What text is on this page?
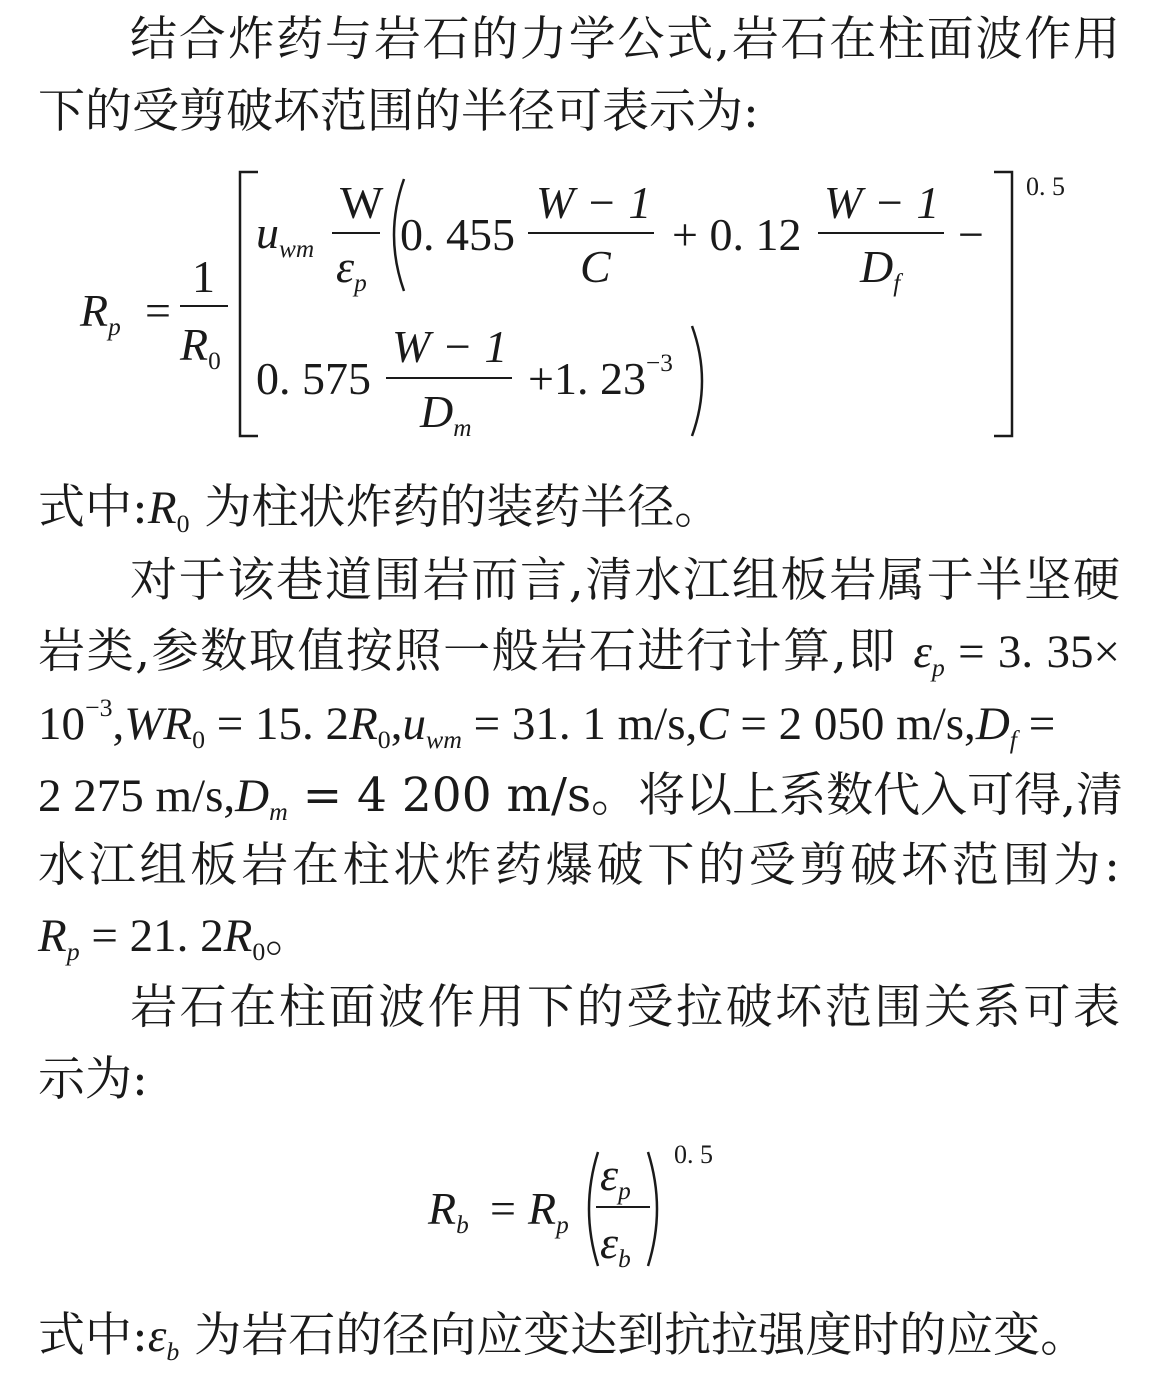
结合炸药与岩石的力学公式,岩石在柱面波作用
下的受剪破坏范围的半径可表示为:
$R_p$ =
1
$R_0$
0. 5
$u_{wm}$
W
$\varepsilon_p$
0. 455
W − 1
C
+ 0. 12
W − 1
$D_f$
−
0. 575
W − 1
$D_m$
+1. $23^{-3}$
式中$:R_0$ 为柱状炸药的装药半径。
对于该巷道围岩而言,清水江组板岩属于半坚硬
岩类,参数取值按照一般岩石进行计算,即 $\varepsilon_p = 3$. 35×
$10^{-3},WR_0 = 15$. $2R_0,u_{wm} = 31$. 1 m/s,C = 2 050 $m/s,D_f$ =
2 275 $m/s,D_m = 4$ 200 m/s。将以上系数代入可得,清
水江组板岩在柱状炸药爆破下的受剪破坏范围为:
$R_p = 21$. $2R_0$。
岩石在柱面波作用下的受拉破坏范围关系可表
示为:
$R_b = R_p$
$\varepsilon_p$
$\varepsilon_b$
0. 5
式中$:\varepsilon_b$ 为岩石的径向应变达到抗拉强度时的应变。
